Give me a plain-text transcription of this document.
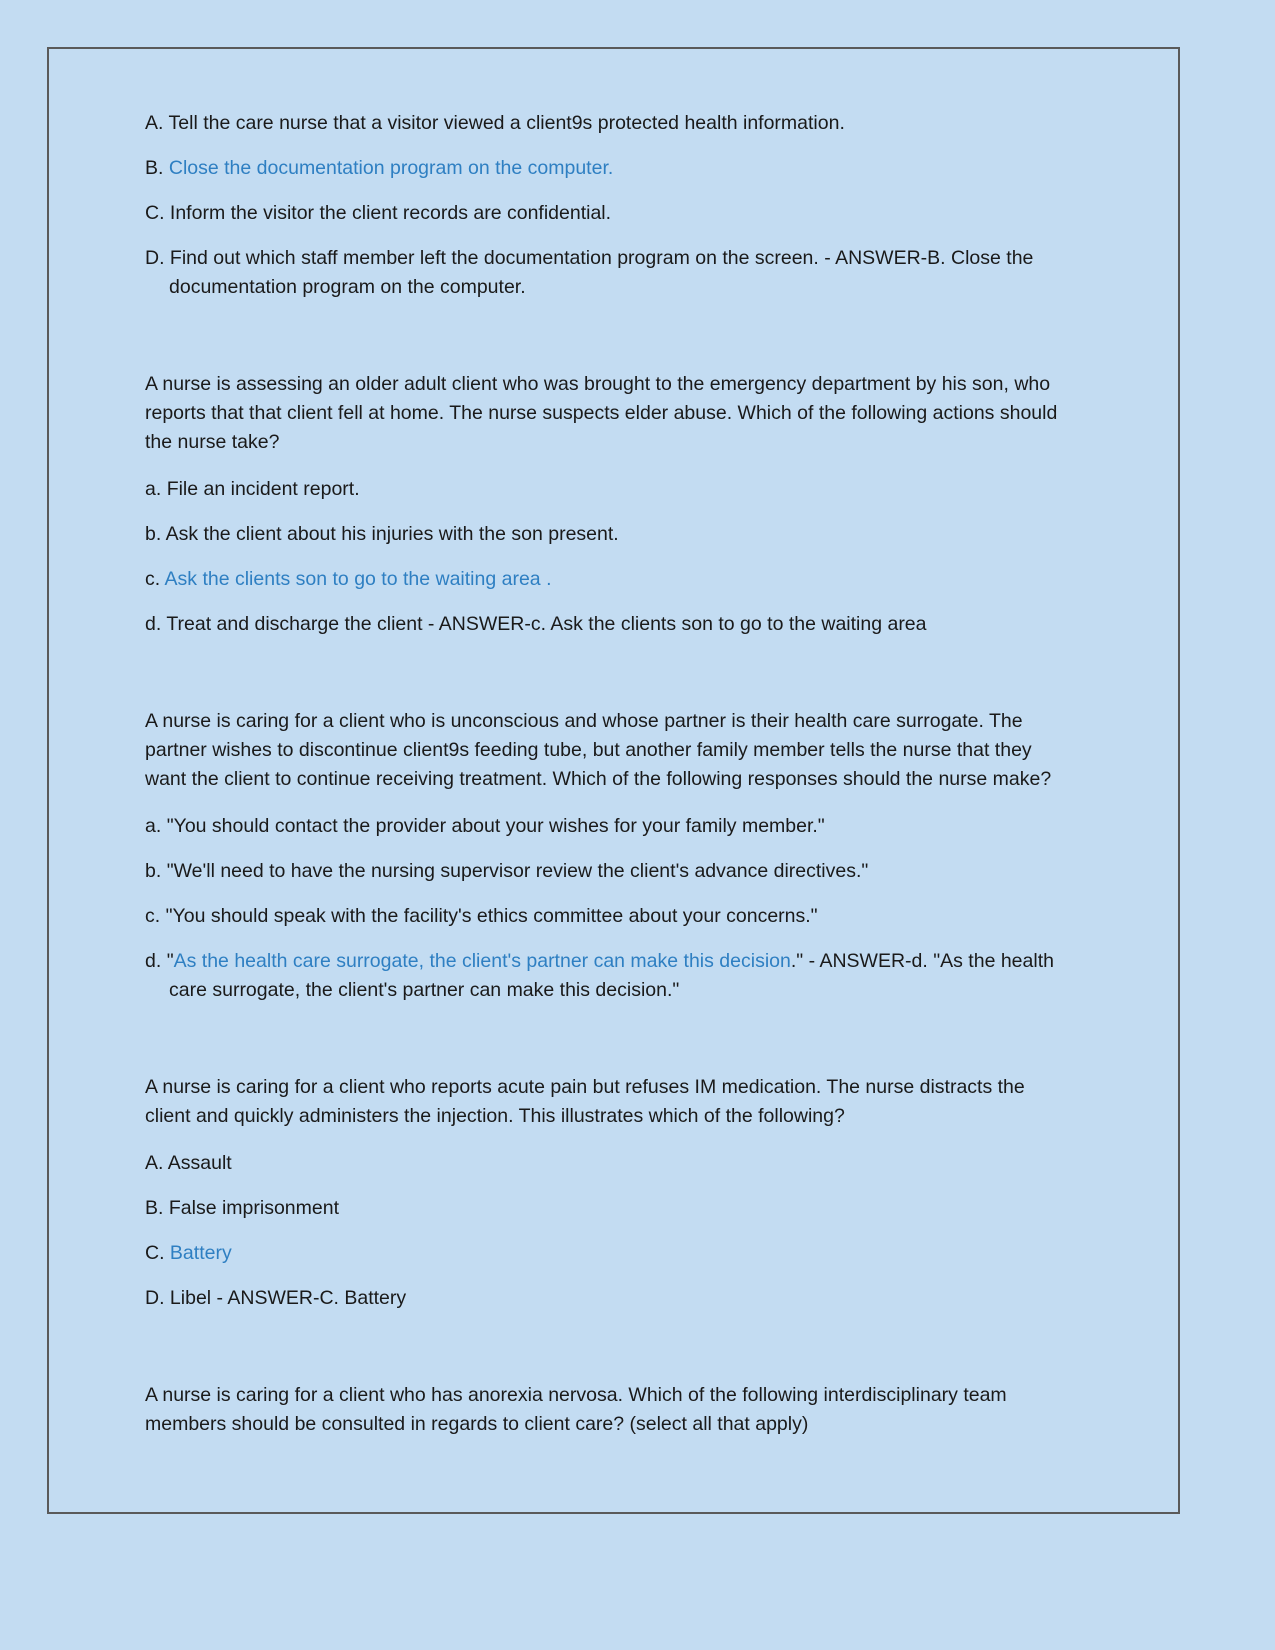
A. Tell the care nurse that a visitor viewed a client9s protected health information.

B. Close the documentation program on the computer.

C. Inform the visitor the client records are confidential.

D. Find out which staff member left the documentation program on the screen. - ANSWER-B. Close the documentation program on the computer.

A nurse is assessing an older adult client who was brought to the emergency department by his son, who reports that that client fell at home. The nurse suspects elder abuse. Which of the following actions should the nurse take?

a. File an incident report.

b. Ask the client about his injuries with the son present.

c. Ask the clients son to go to the waiting area .

d. Treat and discharge the client - ANSWER-c. Ask the clients son to go to the waiting area

A nurse is caring for a client who is unconscious and whose partner is their health care surrogate. The partner wishes to discontinue client9s feeding tube, but another family member tells the nurse that they want the client to continue receiving treatment. Which of the following responses should the nurse make?

a. "You should contact the provider about your wishes for your family member."

b. "We'll need to have the nursing supervisor review the client's advance directives."

c. "You should speak with the facility's ethics committee about your concerns."

d. "As the health care surrogate, the client's partner can make this decision." - ANSWER-d. "As the health care surrogate, the client's partner can make this decision."

A nurse is caring for a client who reports acute pain but refuses IM medication. The nurse distracts the client and quickly administers the injection. This illustrates which of the following?

A. Assault

B. False imprisonment

C. Battery

D. Libel - ANSWER-C. Battery

A nurse is caring for a client who has anorexia nervosa. Which of the following interdisciplinary team members should be consulted in regards to client care? (select all that apply)
